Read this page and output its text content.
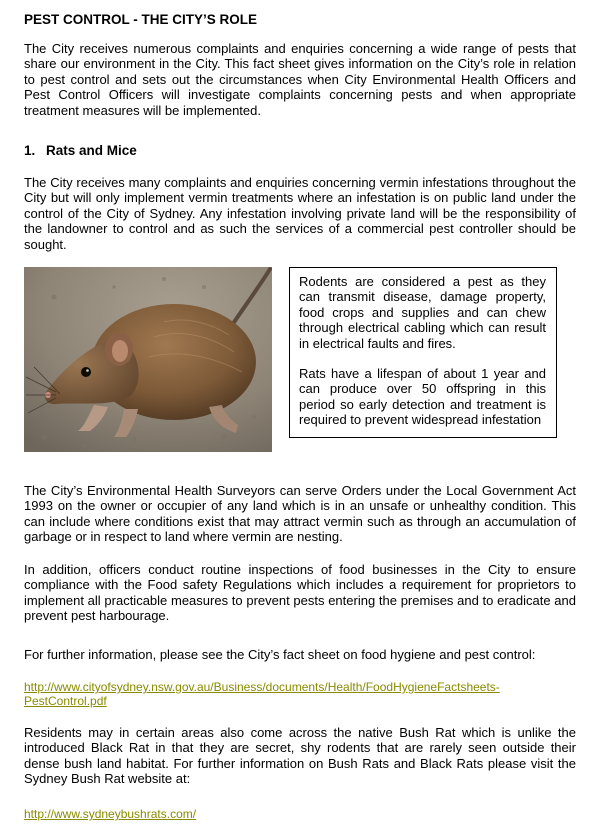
PEST CONTROL - THE CITY’S ROLE

The City receives numerous complaints and enquiries concerning a wide range of pests that share our environment in the City. This fact sheet gives information on the City’s role in relation to pest control and sets out the circumstances when City Environmental Health Officers and Pest Control Officers will investigate complaints concerning pests and when appropriate treatment measures will be implemented.

1. Rats and Mice

The City receives many complaints and enquiries concerning vermin infestations throughout the City but will only implement vermin treatments where an infestation is on public land under the control of the City of Sydney. Any infestation involving private land will be the responsibility of the landowner to control and as such the services of a commercial pest controller should be sought.

Rodents are considered a pest as they can transmit disease, damage property, food crops and supplies and can chew through electrical cabling which can result in electrical faults and fires.

Rats have a lifespan of about 1 year and can produce over 50 offspring in this period so early detection and treatment is required to prevent widespread infestation

The City’s Environmental Health Surveyors can serve Orders under the Local Government Act 1993 on the owner or occupier of any land which is in an unsafe or unhealthy condition. This can include where conditions exist that may attract vermin such as through an accumulation of garbage or in respect to land where vermin are nesting.

In addition, officers conduct routine inspections of food businesses in the City to ensure compliance with the Food safety Regulations which includes a requirement for proprietors to implement all practicable measures to prevent pests entering the premises and to eradicate and prevent pest harbourage.

For further information, please see the City’s fact sheet on food hygiene and pest control:

http://www.cityofsydney.nsw.gov.au/Business/documents/Health/FoodHygieneFactsheets-PestControl.pdf

Residents may in certain areas also come across the native Bush Rat which is unlike the introduced Black Rat in that they are secret, shy rodents that are rarely seen outside their dense bush land habitat. For further information on Bush Rats and Black Rats please visit the Sydney Bush Rat website at:

http://www.sydneybushrats.com/
